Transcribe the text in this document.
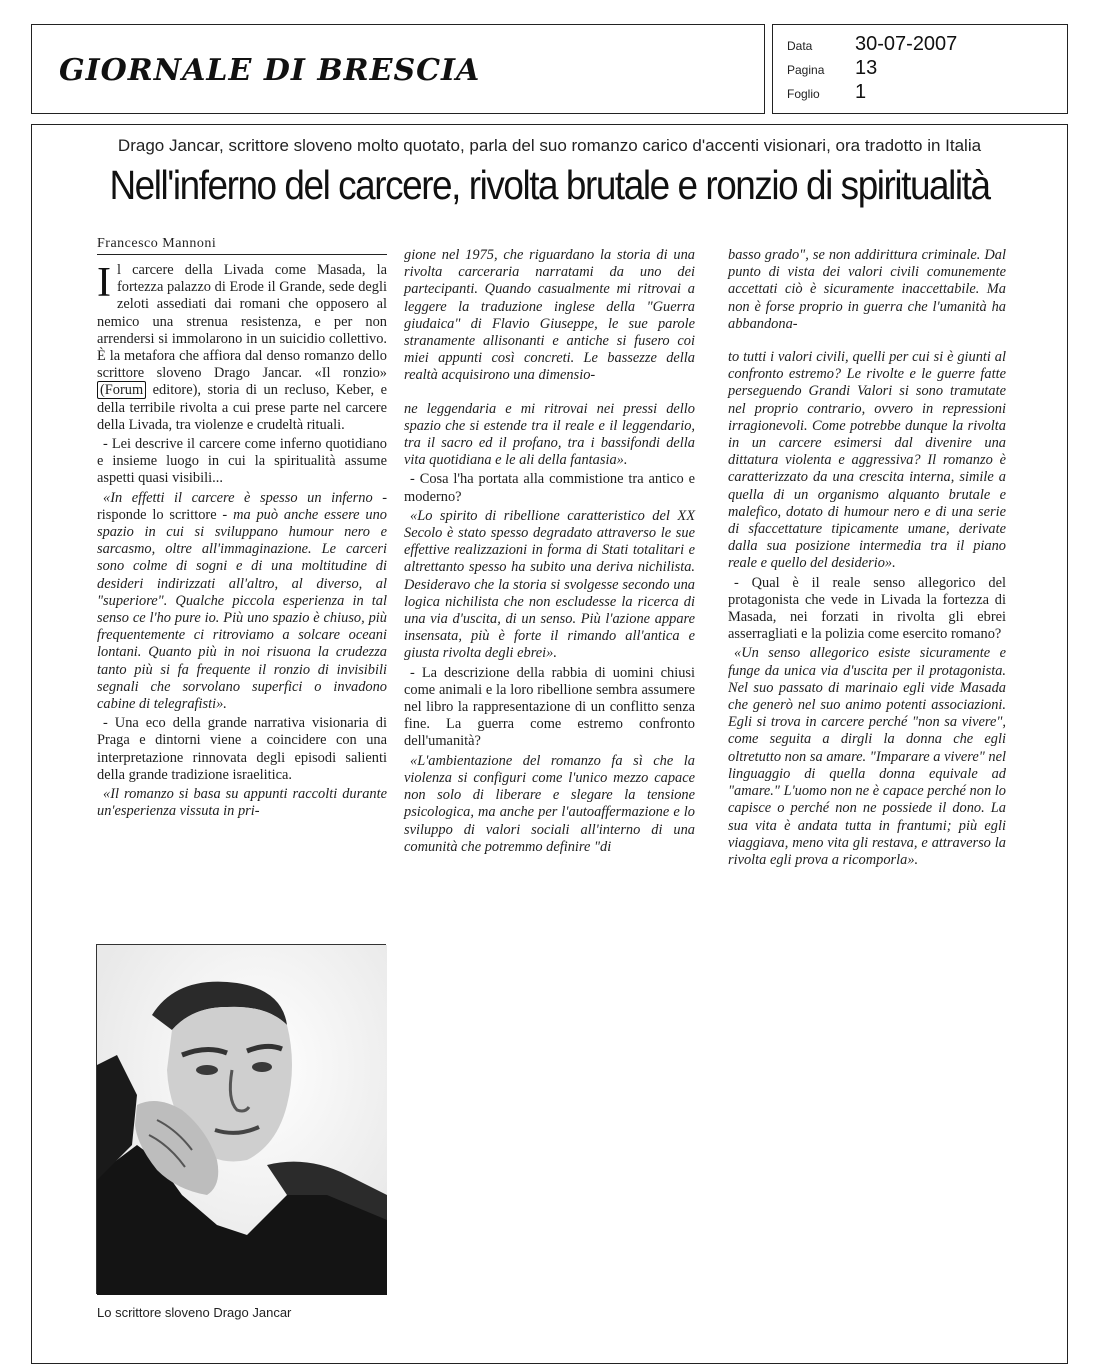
GIORNALE DI BRESCIA
Data	30-07-2007
Pagina	13
Foglio	1
Drago Jancar, scrittore sloveno molto quotato, parla del suo romanzo carico d'accenti visionari, ora tradotto in Italia
Nell'inferno del carcere, rivolta brutale e ronzio di spiritualità
Francesco Mannoni

Il carcere della Livada come Masada, la fortezza palazzo di Erode il Grande, sede degli zeloti assediati dai romani che opposero al nemico una strenua resistenza, e per non arrendersi si immolarono in un suicidio collettivo. È la metafora che affiora dal denso romanzo dello scrittore sloveno Drago Jancar. «Il ronzio» (Forum editore), storia di un recluso, Keber, e della terribile rivolta a cui prese parte nel carcere della Livada, tra violenze e crudeltà rituali.

- Lei descrive il carcere come inferno quotidiano e insieme luogo in cui la spiritualità assume aspetti quasi visibili...

«In effetti il carcere è spesso un inferno - risponde lo scrittore - ma può anche essere uno spazio in cui si sviluppano humour nero e sarcasmo, oltre all'immaginazione. Le carceri sono colme di sogni e di una moltitudine di desideri indirizzati all'altro, al diverso, al "superiore". Qualche piccola esperienza in tal senso ce l'ho pure io. Più uno spazio è chiuso, più frequentemente ci ritroviamo a solcare oceani lontani. Quanto più in noi risuona la crudezza tanto più si fa frequente il ronzio di invisibili segnali che sorvolano superfici o invadono cabine di telegrafisti».

- Una eco della grande narrativa visionaria di Praga e dintorni viene a coincidere con una interpretazione rinnovata degli episodi salienti della grande tradizione israelitica.

«Il romanzo si basa su appunti raccolti durante un'esperienza vissuta in pri-

gione nel 1975, che riguardano la storia di una rivolta carceraria narratami da uno dei partecipanti. Quando casualmente mi ritrovai a leggere la traduzione inglese della "Guerra giudaica" di Flavio Giuseppe, le sue parole stranamente allisonanti e antiche si fusero coi miei appunti così concreti. Le bassezze della realtà acquisirono una dimensio-

ne leggendaria e mi ritrovai nei pressi dello spazio che si estende tra il reale e il leggendario, tra il sacro ed il profano, tra i bassifondi della vita quotidiana e le ali della fantasia».

- Cosa l'ha portata alla commistione tra antico e moderno?

«Lo spirito di ribellione caratteristico del XX Secolo è stato spesso degradato attraverso le sue effettive realizzazioni in forma di Stati totalitari e altrettanto spesso ha subito una deriva nichilista. Desideravo che la storia si svolgesse secondo una logica nichilista che non escludesse la ricerca di una via d'uscita, di un senso. Più l'azione appare insensata, più è forte il rimando all'antica e giusta rivolta degli ebrei».

- La descrizione della rabbia di uomini chiusi come animali e la loro ribellione sembra assumere nel libro la rappresentazione di un conflitto senza fine. La guerra come estremo confronto dell'umanità?

«L'ambientazione del romanzo fa sì che la violenza si configuri come l'unico mezzo capace non solo di liberare e slegare la tensione psicologica, ma anche per l'autoaffermazione e lo sviluppo di valori sociali all'interno di una comunità che potremmo definire "di

basso grado", se non addirittura criminale. Dal punto di vista dei valori civili comunemente accettati ciò è sicuramente inaccettabile. Ma non è forse proprio in guerra che l'umanità ha abbandona-

to tutti i valori civili, quelli per cui si è giunti al confronto estremo? Le rivolte e le guerre fatte perseguendo Grandi Valori si sono tramutate nel proprio contrario, ovvero in repressioni irragionevoli. Come potrebbe dunque la rivolta in un carcere esimersi dal divenire una dittatura violenta e aggressiva? Il romanzo è caratterizzato da una crescita interna, simile a quella di un organismo alquanto brutale e malefico, dotato di humour nero e di una serie di sfaccettature tipicamente umane, derivate dalla sua posizione intermedia tra il piano reale e quello del desiderio».

- Qual è il reale senso allegorico del protagonista che vede in Livada la fortezza di Masada, nei forzati in rivolta gli ebrei asserragliati e la polizia come esercito romano?

«Un senso allegorico esiste sicuramente e funge da unica via d'uscita per il protagonista. Nel suo passato di marinaio egli vide Masada che generò nel suo animo potenti associazioni. Egli si trova in carcere perché "non sa vivere", come seguita a dirgli la donna che egli oltretutto non sa amare. "Imparare a vivere" nel linguaggio di quella donna equivale ad "amare." L'uomo non ne è capace perché non lo capisce o perché non ne possiede il dono. La sua vita è andata tutta in frantumi; più egli viaggiava, meno vita gli restava, e attraverso la rivolta egli prova a ricomporla».

Lo scrittore sloveno Drago Jancar
